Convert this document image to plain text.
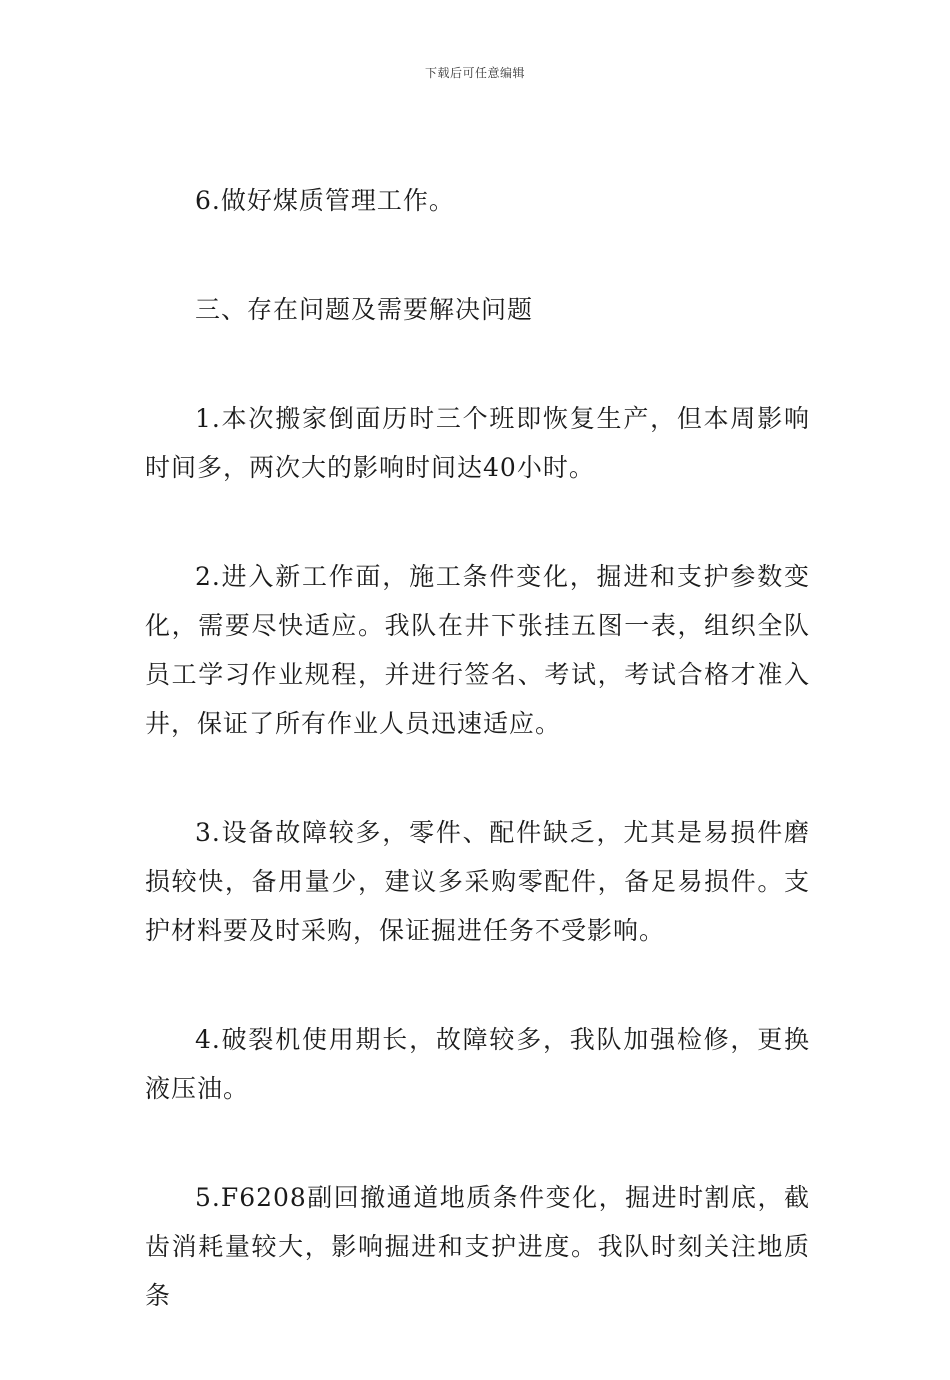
下载后可任意编辑

6.做好煤质管理工作。

三、存在问题及需要解决问题

1.本次搬家倒面历时三个班即恢复生产，但本周影响时间多，两次大的影响时间达40小时。

2.进入新工作面，施工条件变化，掘进和支护参数变化，需要尽快适应。我队在井下张挂五图一表，组织全队员工学习作业规程，并进行签名、考试，考试合格才准入井，保证了所有作业人员迅速适应。

3.设备故障较多，零件、配件缺乏，尤其是易损件磨损较快，备用量少，建议多采购零配件，备足易损件。支护材料要及时采购，保证掘进任务不受影响。

4.破裂机使用期长，故障较多，我队加强检修，更换液压油。

5.F6208副回撤通道地质条件变化，掘进时割底，截齿消耗量较大，影响掘进和支护进度。我队时刻关注地质条
